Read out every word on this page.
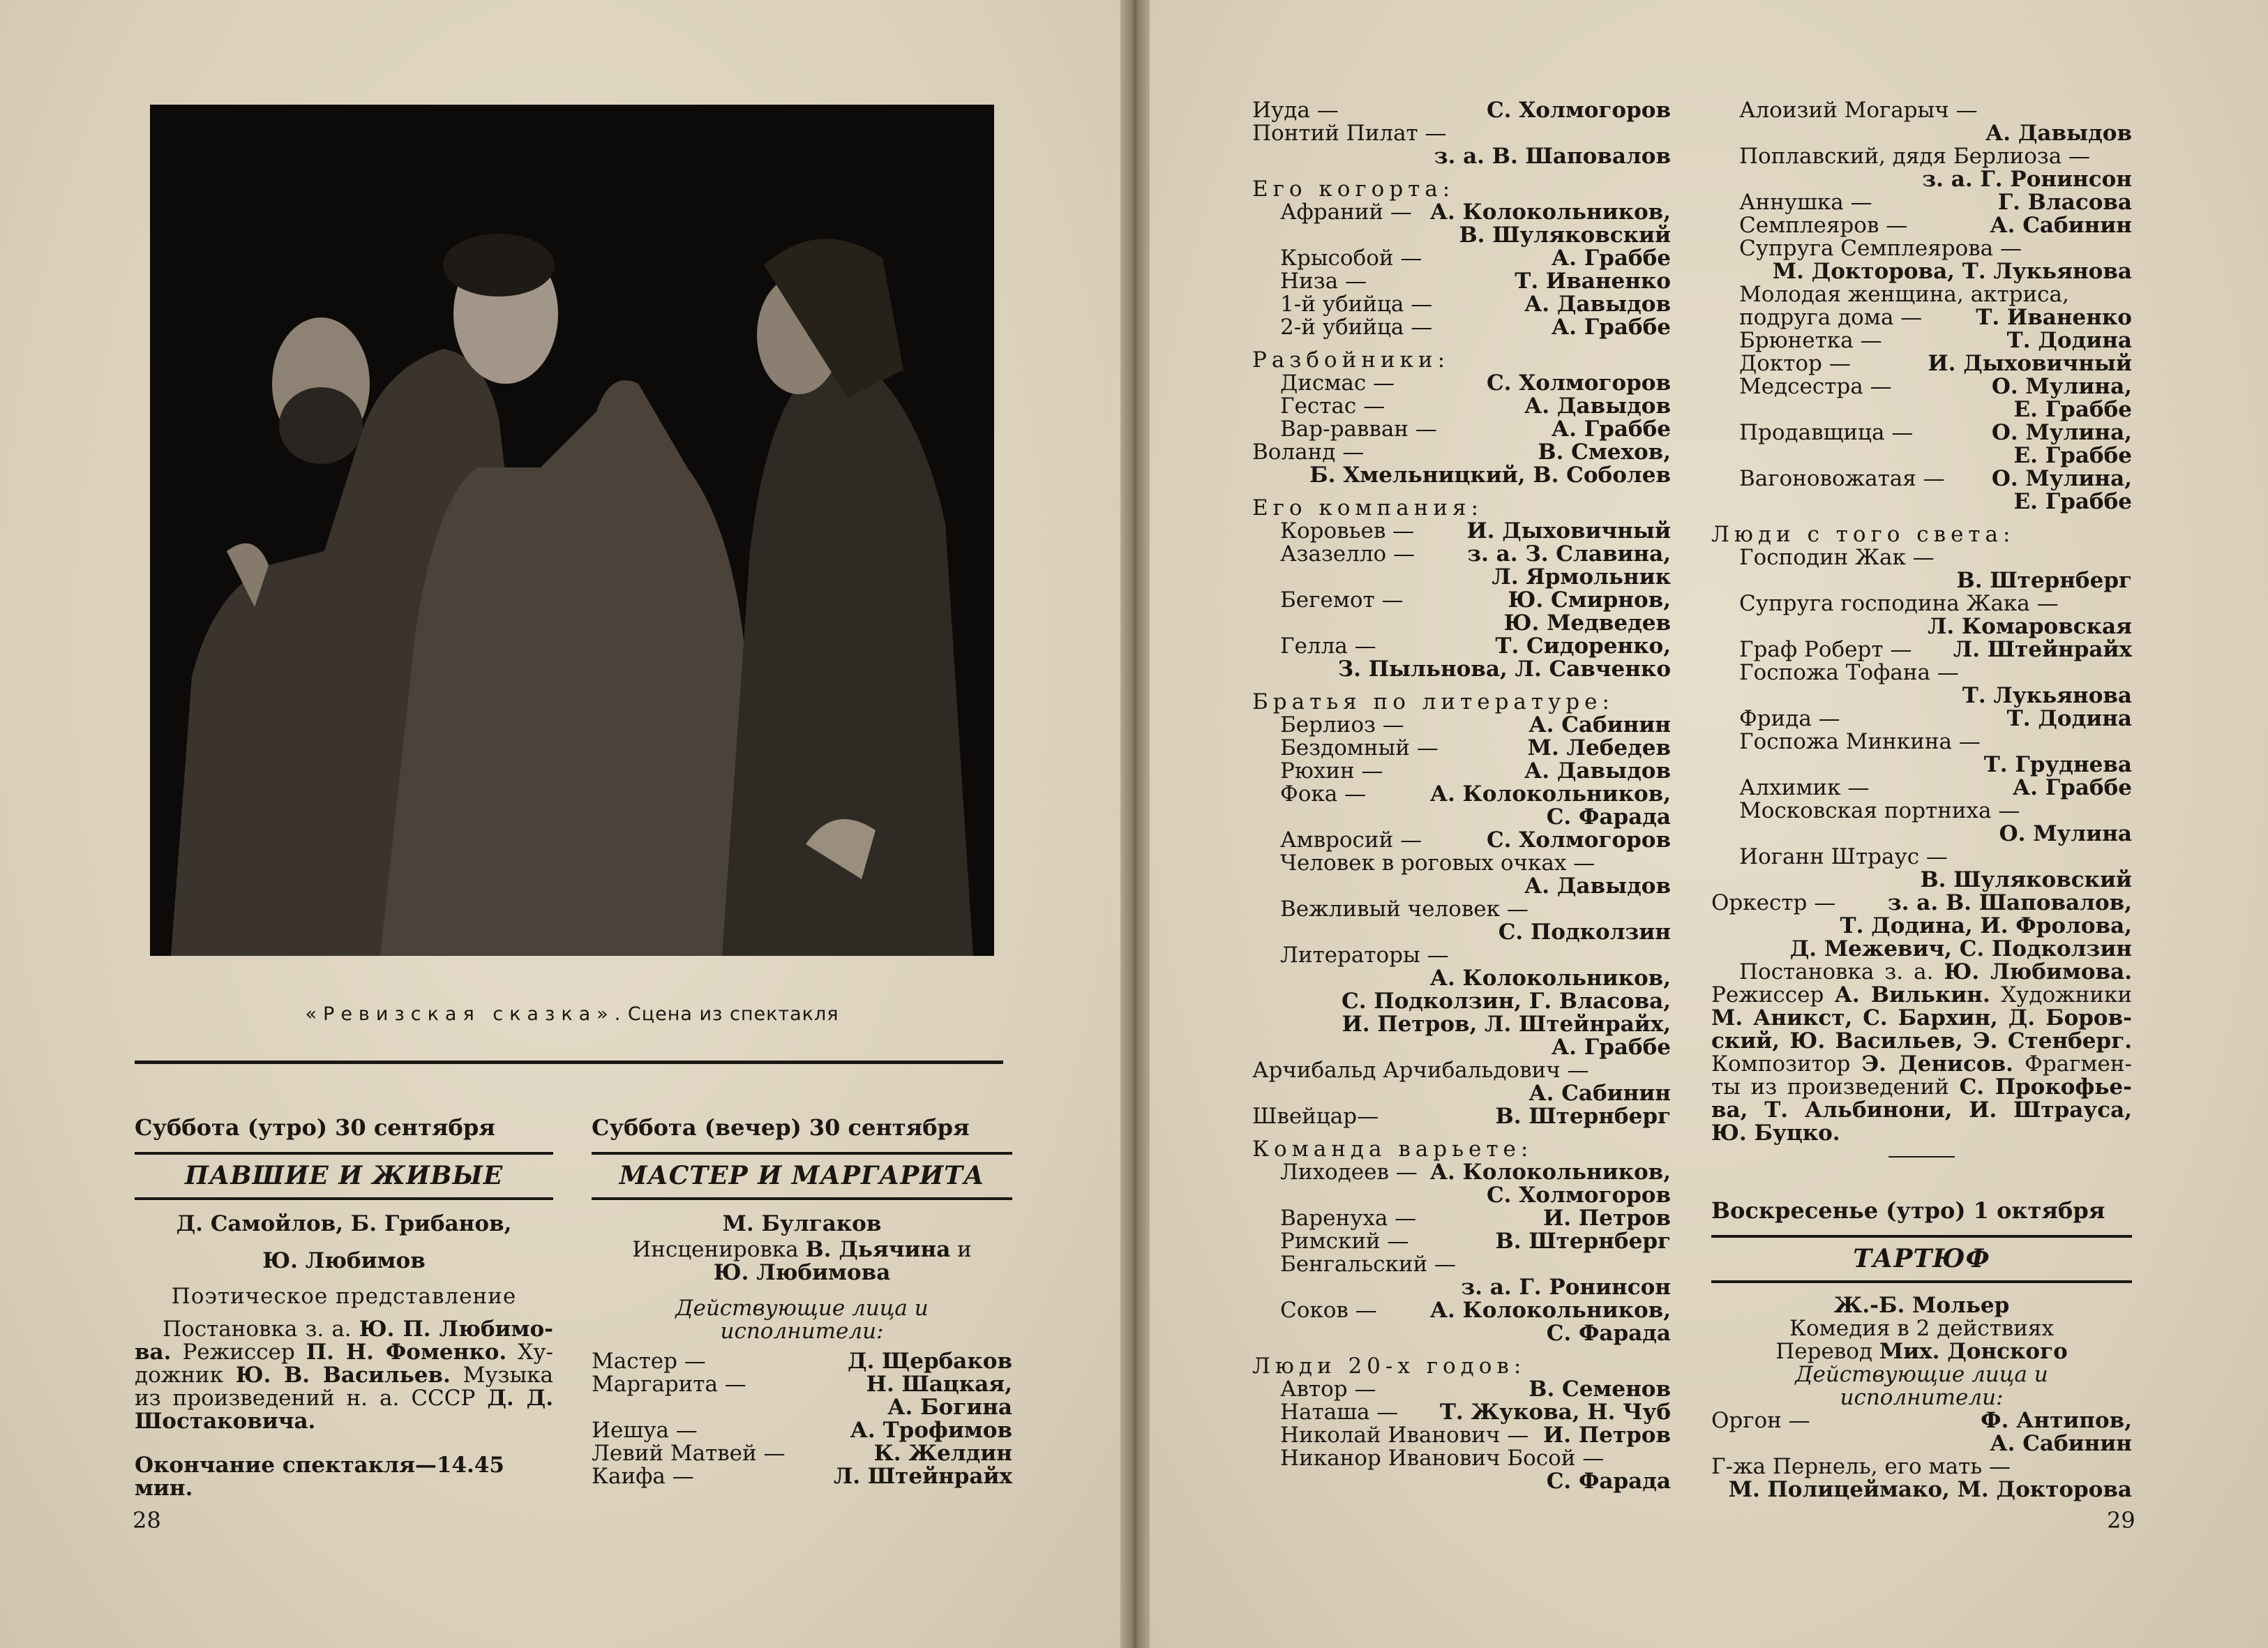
«Ревизская сказка». Сцена из спектакля
Суббота (утро) 30 сентября
ПАВШИЕ И ЖИВЫЕ
Д. Самойлов, Б. Грибанов,
Ю. Любимов
Поэтическое представление
Постановка з. а. Ю. П. Любимо-ва. Режиссер П. Н. Фоменко. Ху-дожник Ю. В. Васильев. Музыка из произведений н. а. СССР Д. Д. Шостаковича.
Окончание спектакля—14.45 мин.
Суббота (вечер) 30 сентября
МАСТЕР И МАРГАРИТА
М. Булгаков
Инсценировка В. Дьячина и
Ю. Любимова
Действующие лица и исполнители:
Мастер —	Д. Щербаков
Маргарита —	Н. Шацкая,
А. Богина
Иешуа —	А. Трофимов
Левий Матвей —	К. Желдин
Каифа —	Л. Штейнрайх
28
Иуда —	С. Холмогоров
Понтий Пилат —
з. а. В. Шаповалов
Его когорта:
Афраний — А. Колокольников,
В. Шуляковский
Крысобой —	А. Граббе
Низа —	Т. Иваненко
1-й убийца —	А. Давыдов
2-й убийца —	А. Граббе
Разбойники:
Дисмас —	С. Холмогоров
Гестас —	А. Давыдов
Вар-равван —	А. Граббе
Воланд —	В. Смехов,
Б. Хмельницкий, В. Соболев
Его компания:
Коровьев — И. Дыховичный
Азазелло — з. а. З. Славина,
Л. Ярмольник
Бегемот —	Ю. Смирнов,
Ю. Медведев
Гелла —	Т. Сидоренко,
З. Пыльнова, Л. Савченко
Братья по литературе:
Берлиоз —	А. Сабинин
Бездомный —	М. Лебедев
Рюхин —	А. Давыдов
Фока —	А. Колокольников,
С. Фарада
Амвросий —	С. Холмогоров
Человек в роговых очках —
А. Давыдов
Вежливый человек —
С. Подколзин
Литераторы —
А. Колокольников,
С. Подколзин, Г. Власова,
И. Петров, Л. Штейнрайх,
А. Граббе
Арчибальд Арчибальдович —
А. Сабинин
Швейцар—	В. Штернберг
Команда варьете:
Лиходеев — А. Колокольников,
С. Холмогоров
Варенуха —	И. Петров
Римский —	В. Штернберг
Бенгальский —
з. а. Г. Ронинсон
Соков — А. Колокольников,
С. Фарада
Люди 20-х годов:
Автор —	В. Семенов
Наташа — Т. Жукова, Н. Чуб
Николай Иванович — И. Петров
Никанор Иванович Босой —
С. Фарада
Алоизий Могарыч —
А. Давыдов
Поплавский, дядя Берлиоза —
з. а. Г. Ронинсон
Аннушка —	Г. Власова
Семплеяров —	А. Сабинин
Супруга Семплеярова —
М. Докторова, Т. Лукьянова
Молодая женщина, актриса,
подруга дома — Т. Иваненко
Брюнетка —	Т. Додина
Доктор —	И. Дыховичный
Медсестра —	О. Мулина,
Е. Граббе
Продавщица —	О. Мулина,
Е. Граббе
Вагоновожатая — О. Мулина,
Е. Граббе
Люди с того света:
Господин Жак —
В. Штернберг
Супруга господина Жака —
Л. Комаровская
Граф Роберт — Л. Штейнрайх
Госпожа Тофана —
Т. Лукьянова
Фрида —	Т. Додина
Госпожа Минкина —
Т. Груднева
Алхимик —	А. Граббе
Московская портниха —
О. Мулина
Иоганн Штраус —
В. Шуляковский
Оркестр — з. а. В. Шаповалов,
Т. Додина, И. Фролова,
Д. Межевич, С. Подколзин
Постановка з. а. Ю. Любимова. Режиссер А. Вилькин. Художники М. Аникст, С. Бархин, Д. Боров-ский, Ю. Васильев, Э. Стенберг. Композитор Э. Денисов. Фрагмен-ты из произведений С. Прокофье-ва, Т. Альбинони, И. Штрауса, Ю. Буцко.
Воскресенье (утро) 1 октября
ТАРТЮФ
Ж.-Б. Мольер
Комедия в 2 действиях
Перевод Мих. Донского
Действующие лица и исполнители:
Оргон —	Ф. Антипов,
А. Сабинин
Г-жа Пернель, его мать —
М. Полицеймако, М. Докторова
29
